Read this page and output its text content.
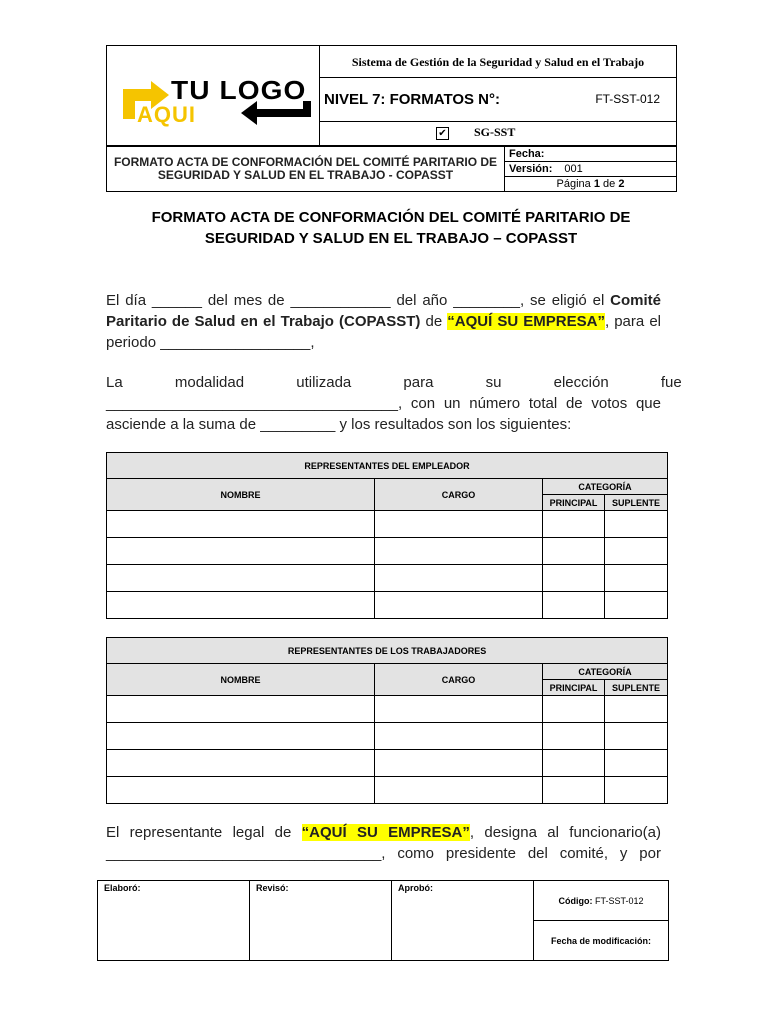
TU LOGO
AQUI
	Sistema de Gestión de la Seguridad y Salud en el Trabajo
NIVEL 7: FORMATOS N°:	FT-SST-012

✔ SG-SST
FORMATO ACTA DE CONFORMACIÓN DEL COMITÉ PARITARIO DE SEGURIDAD Y SALUD EN EL TRABAJO - COPASST	Fecha:
Versión: 001
Página 1 de 2
FORMATO ACTA DE CONFORMACIÓN DEL COMITÉ PARITARIO DE SEGURIDAD Y SALUD EN EL TRABAJO – COPASST
El día ______ del mes de ____________ del año ________, se eligió el Comité
Paritario de Salud en el Trabajo (COPASST) de “AQUÍ SU EMPRESA”, para el
periodo __________________,
La modalidad utilizada para su elección fue
___________________________________, con un número total de votos que
asciende a la suma de _________ y los resultados son los siguientes:
REPRESENTANTES DEL EMPLEADOR			
NOMBRE	CARGO	CATEGORÍA	
		PRINCIPAL	SUPLENTE

REPRESENTANTES DE LOS TRABAJADORES			
NOMBRE	CARGO	CATEGORÍA	
		PRINCIPAL	SUPLENTE

El representante legal de “AQUÍ SU EMPRESA”, designa al funcionario(a)
_________________________________, como presidente del comité, y por
Elaboró:	Revisó:	Aprobó:	Código: FT-SST-012
Fecha de modificación:
